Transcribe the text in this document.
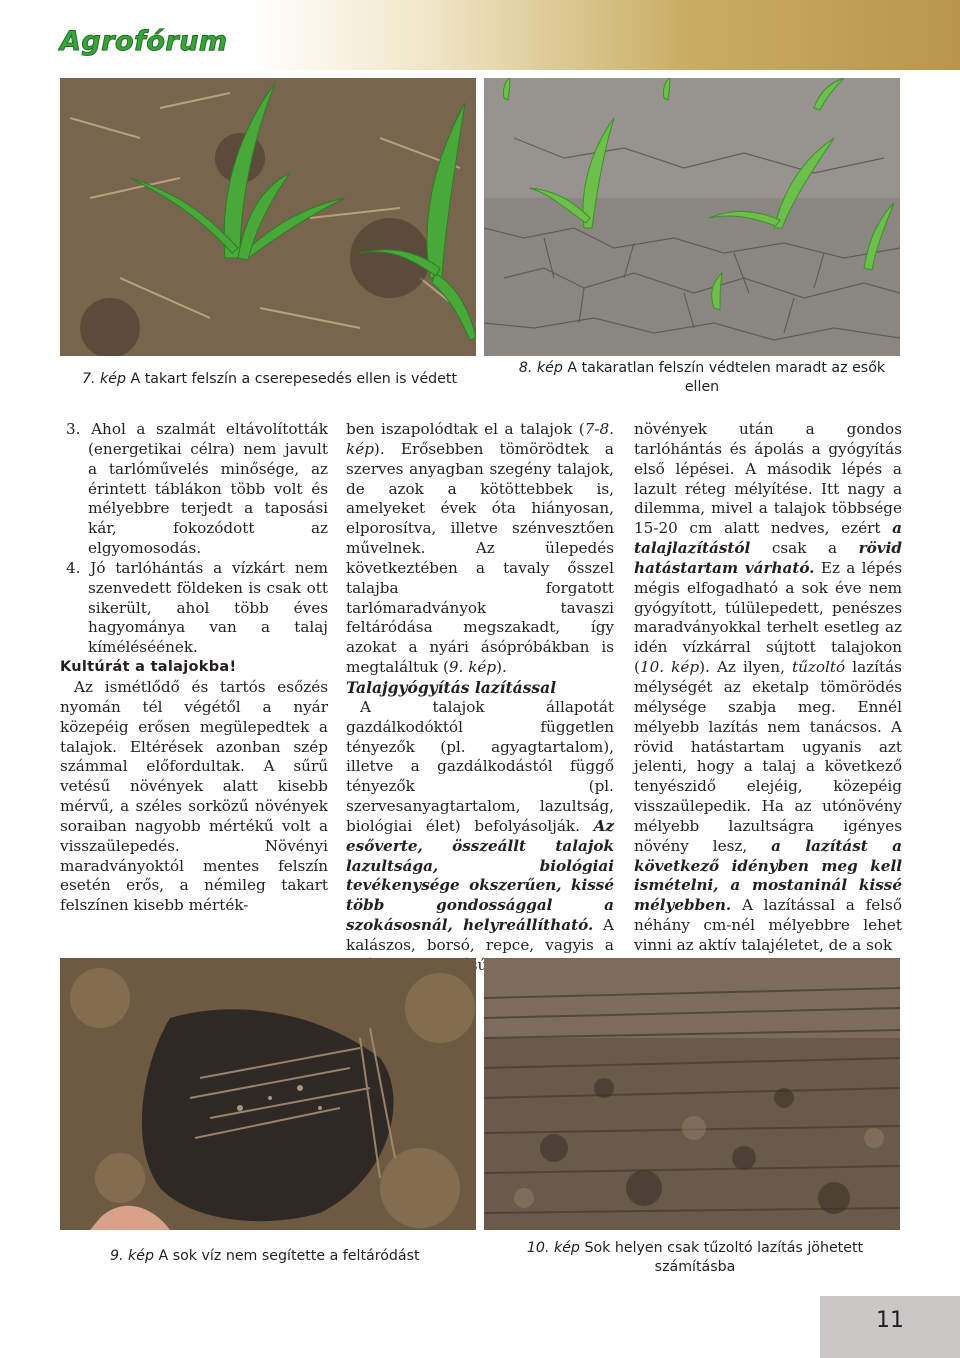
Agrofórum
7. kép A takart felszín a cserepesedés ellen is védett
8. kép A takaratlan felszín védtelen maradt az esők
ellen

3. Ahol a szalmát eltávolították (energetikai célra) nem javult a tarlóművelés minősége, az érintett táblákon több volt és mélyebbre terjedt a taposási kár, fokozódott az elgyomosodás.

4. Jó tarlóhántás a vízkárt nem szenvedett földeken is csak ott sikerült, ahol több éves hagyománya van a talaj kíméléséének.

Kultúrát a talajokba!

Az ismétlődő és tartós esőzés nyomán tél végétől a nyár közepéig erősen megülepedtek a talajok. Eltérések azonban szép számmal előfordultak. A sűrű vetésű növények alatt kisebb mérvű, a széles sorközű növények soraiban nagyobb mértékű volt a visszaülepedés. Növényi maradványoktól mentes felszín esetén erős, a némileg takart felszínen kisebb mérték-

ben iszapolódtak el a talajok (7-8. kép). Erősebben tömörödtek a szerves anyagban szegény talajok, de azok a kötöttebbek is, amelyeket évek óta hiányosan, elporosítva, illetve szénvesztően művelnek. Az ülepedés következtében a tavaly ősszel talajba forgatott tarlómaradványok tavaszi feltáródása megszakadt, így azokat a nyári ásópróbákban is megtaláltuk (9. kép).

Talajgyógyítás lazítással

A talajok állapotát gazdálkodóktól független tényezők (pl. agyagtartalom), illetve a gazdálkodástól függő tényezők (pl. szervesanyagtartalom, lazultság, biológiai élet) befolyásolják. Az esőverte, összeállt talajok lazultsága, biológiai tevékenysége okszerűen, kissé több gondossággal a szokásosnál, helyreállítható. A kalászos, borsó, repce, vagyis a

növények után a gondos tarlóhántás és ápolás a gyógyítás első lépései. A második lépés a lazult réteg mélyítése. Itt nagy a dilemma, mivel a talajok többsége 15-20 cm alatt nedves, ezért a talajlazítástól csak a rövid hatástartam várható. Ez a lépés mégis elfogadható a sok éve nem gyógyított, túlülepedett, penészes maradványokkal terhelt esetleg az idén vízkárral sújtott talajokon (10. kép). Az ilyen, tűzoltó lazítás mélységét az eketalp tömörödés mélysége szabja meg. Ennél mélyebb lazítás nem tanácsos. A rövid hatástartam ugyanis azt jelenti, hogy a talaj a következő tenyészidő elejéig, közepéig visszaülepedik. Ha az utónövény mélyebb lazultságra igényes növény lesz, a lazítást a következő idényben meg kell ismételni, a mostaninál kissé mélyebben. A lazítással a felső néhány cm-nél mélyebbre lehet vinni az aktív talajéletet, de a sok

9. kép A sok víz nem segítette a feltáródást	10. kép Sok helyen csak tűzoltó lazítás jöhetett
számításba
11
